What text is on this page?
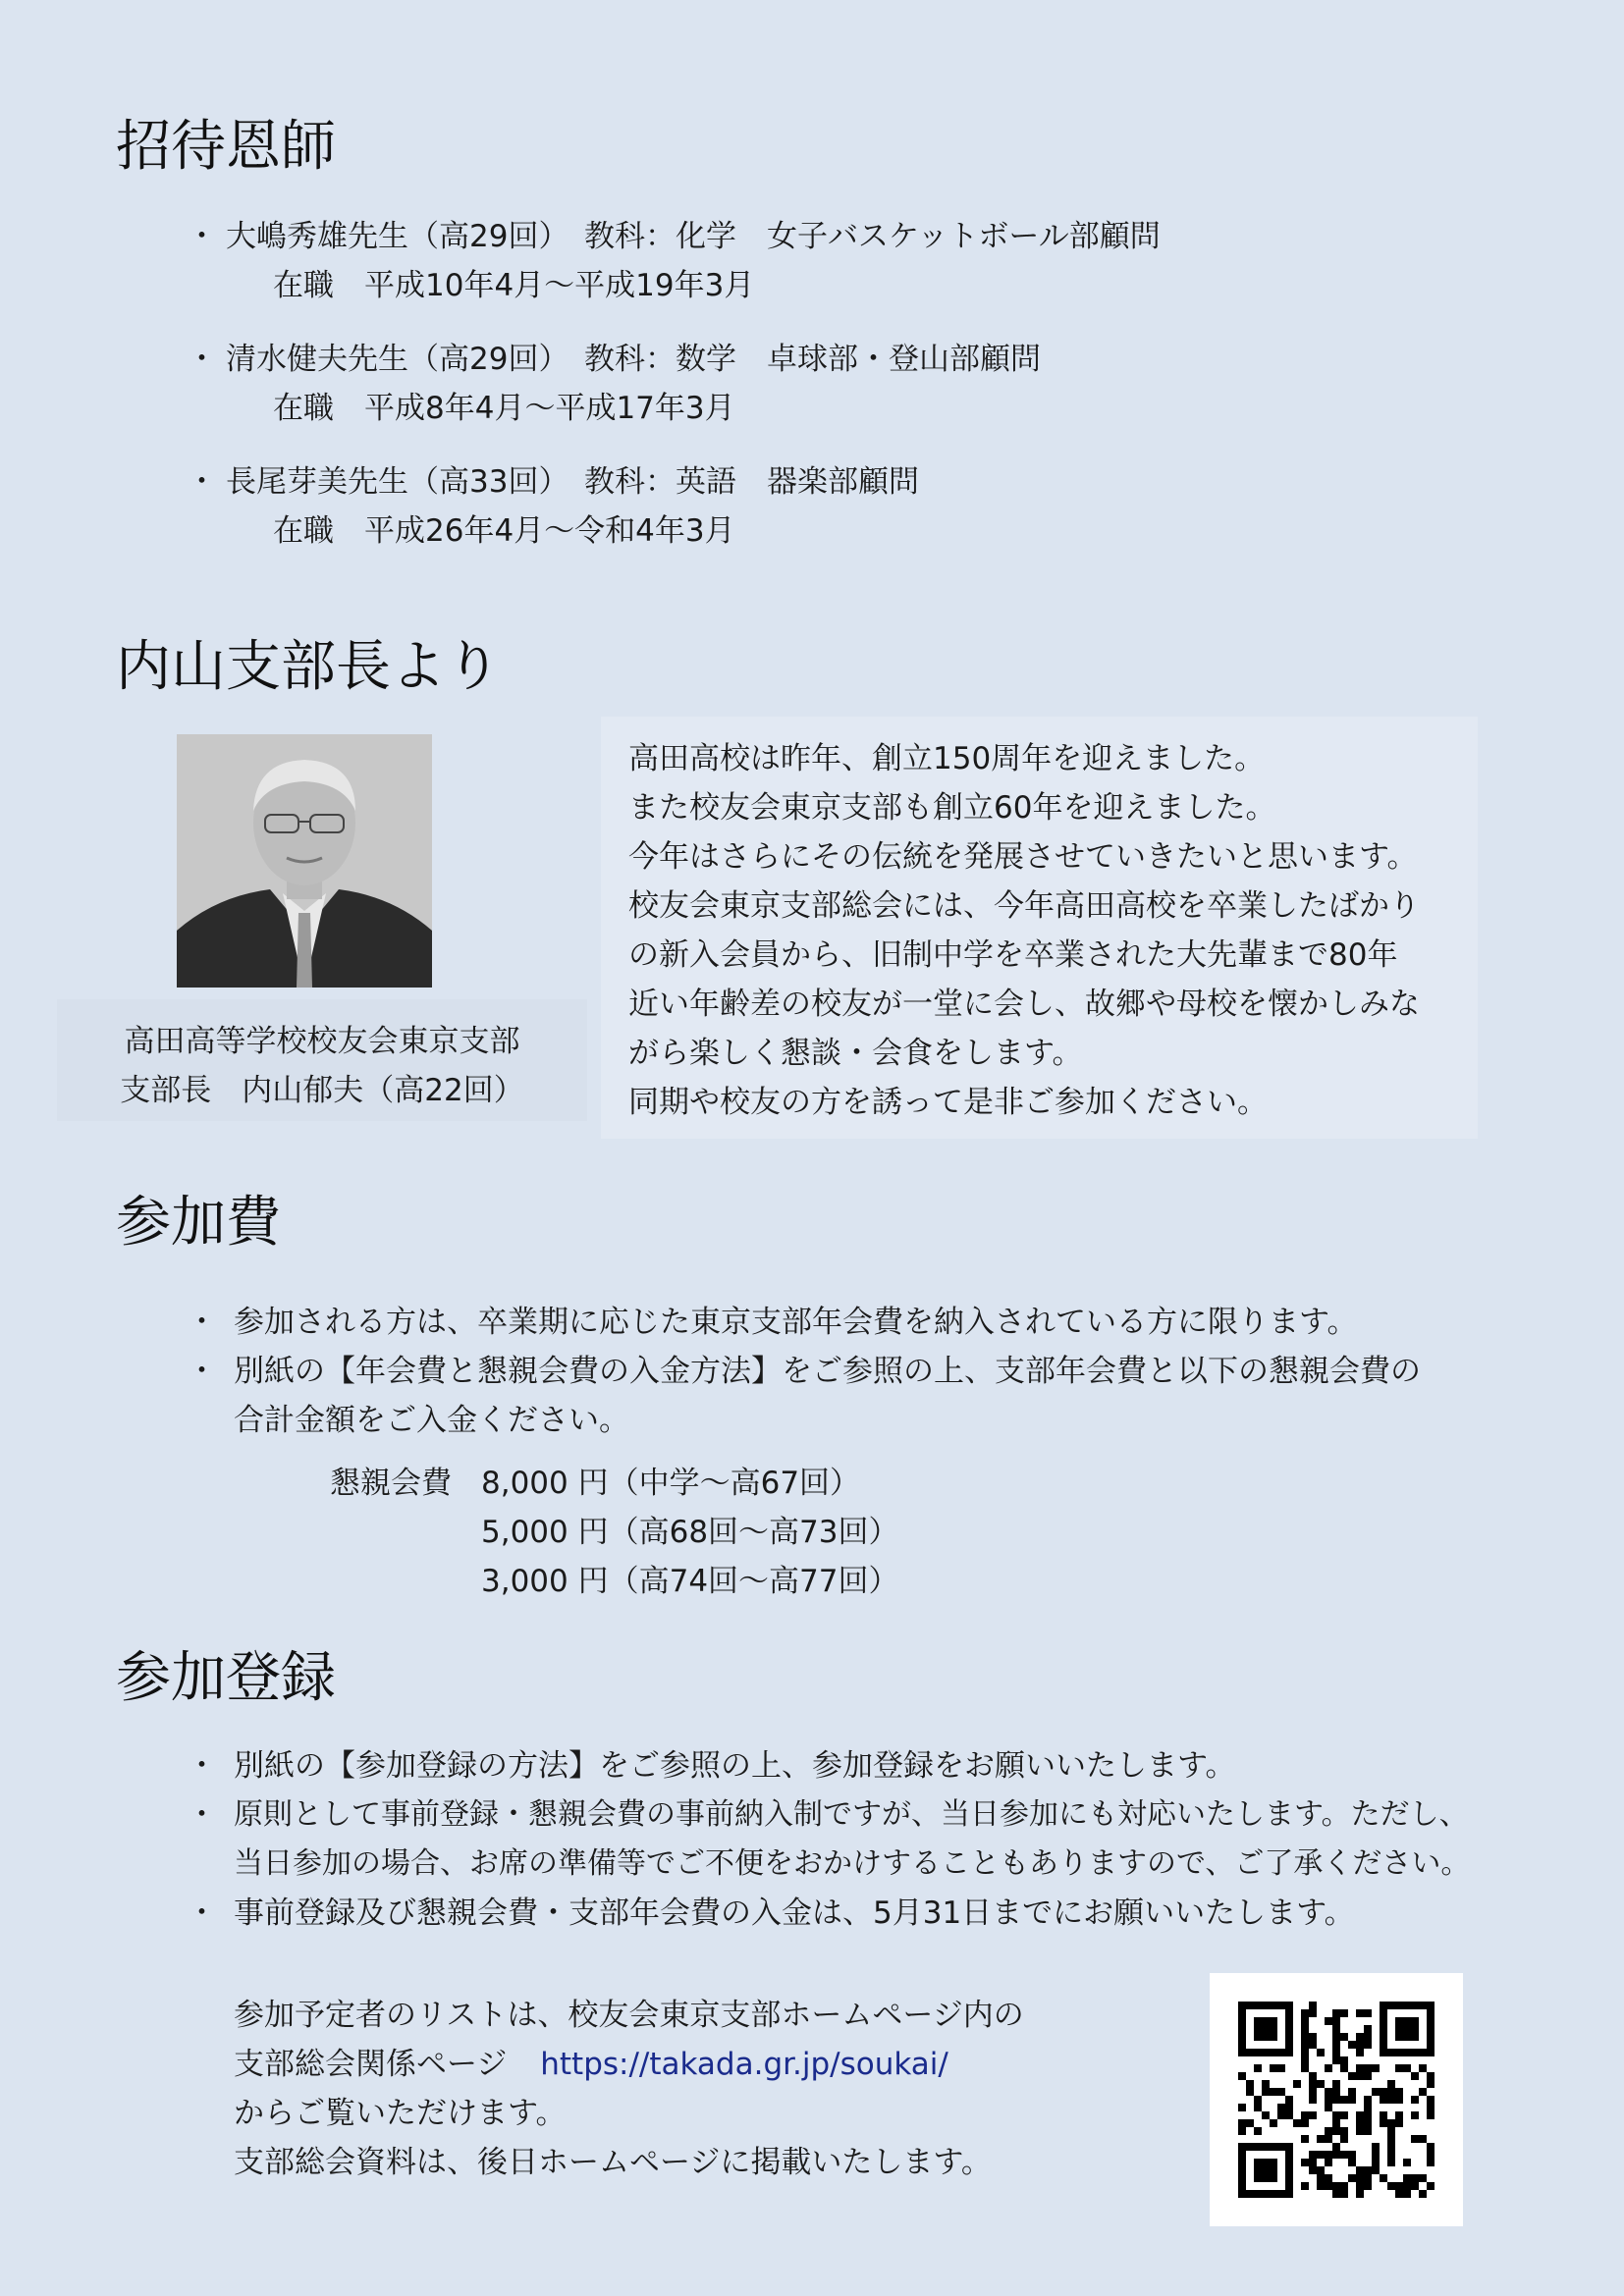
招待恩師
・ 大嶋秀雄先生（高29回）　教科：化学　女子バスケットボール部顧問
在職　平成10年4月～平成19年3月
・ 清水健夫先生（高29回）　教科：数学　卓球部・登山部顧問
在職　平成8年4月～平成17年3月
・ 長尾芽美先生（高33回）　教科：英語　器楽部顧問
在職　平成26年4月～令和4年3月
内山支部長より
高田高等学校校友会東京支部
支部長　内山郁夫（高22回）
高田高校は昨年、創立150周年を迎えました。
また校友会東京支部も創立60年を迎えました。
今年はさらにその伝統を発展させていきたいと思います。
校友会東京支部総会には、今年高田高校を卒業したばかり
の新入会員から、旧制中学を卒業された大先輩まで80年
近い年齢差の校友が一堂に会し、故郷や母校を懐かしみな
がら楽しく懇談・会食をします。
同期や校友の方を誘って是非ご参加ください。
参加費
・ 参加される方は、卒業期に応じた東京支部年会費を納入されている方に限ります。
・ 別紙の【年会費と懇親会費の入金方法】をご参照の上、支部年会費と以下の懇親会費の
合計金額をご入金ください。
懇親会費 8,000 円（中学～高67回）
5,000 円（高68回～高73回）
3,000 円（高74回～高77回）
参加登録
・ 別紙の【参加登録の方法】をご参照の上、参加登録をお願いいたします。
・ 原則として事前登録・懇親会費の事前納入制ですが、当日参加にも対応いたします。ただし、
当日参加の場合、お席の準備等でご不便をおかけすることもありますので、ご了承ください。
・ 事前登録及び懇親会費・支部年会費の入金は、5月31日までにお願いいたします。
参加予定者のリストは、校友会東京支部ホームページ内の
支部総会関係ページ https://takada.gr.jp/soukai/
からご覧いただけます。
支部総会資料は、後日ホームページに掲載いたします。
